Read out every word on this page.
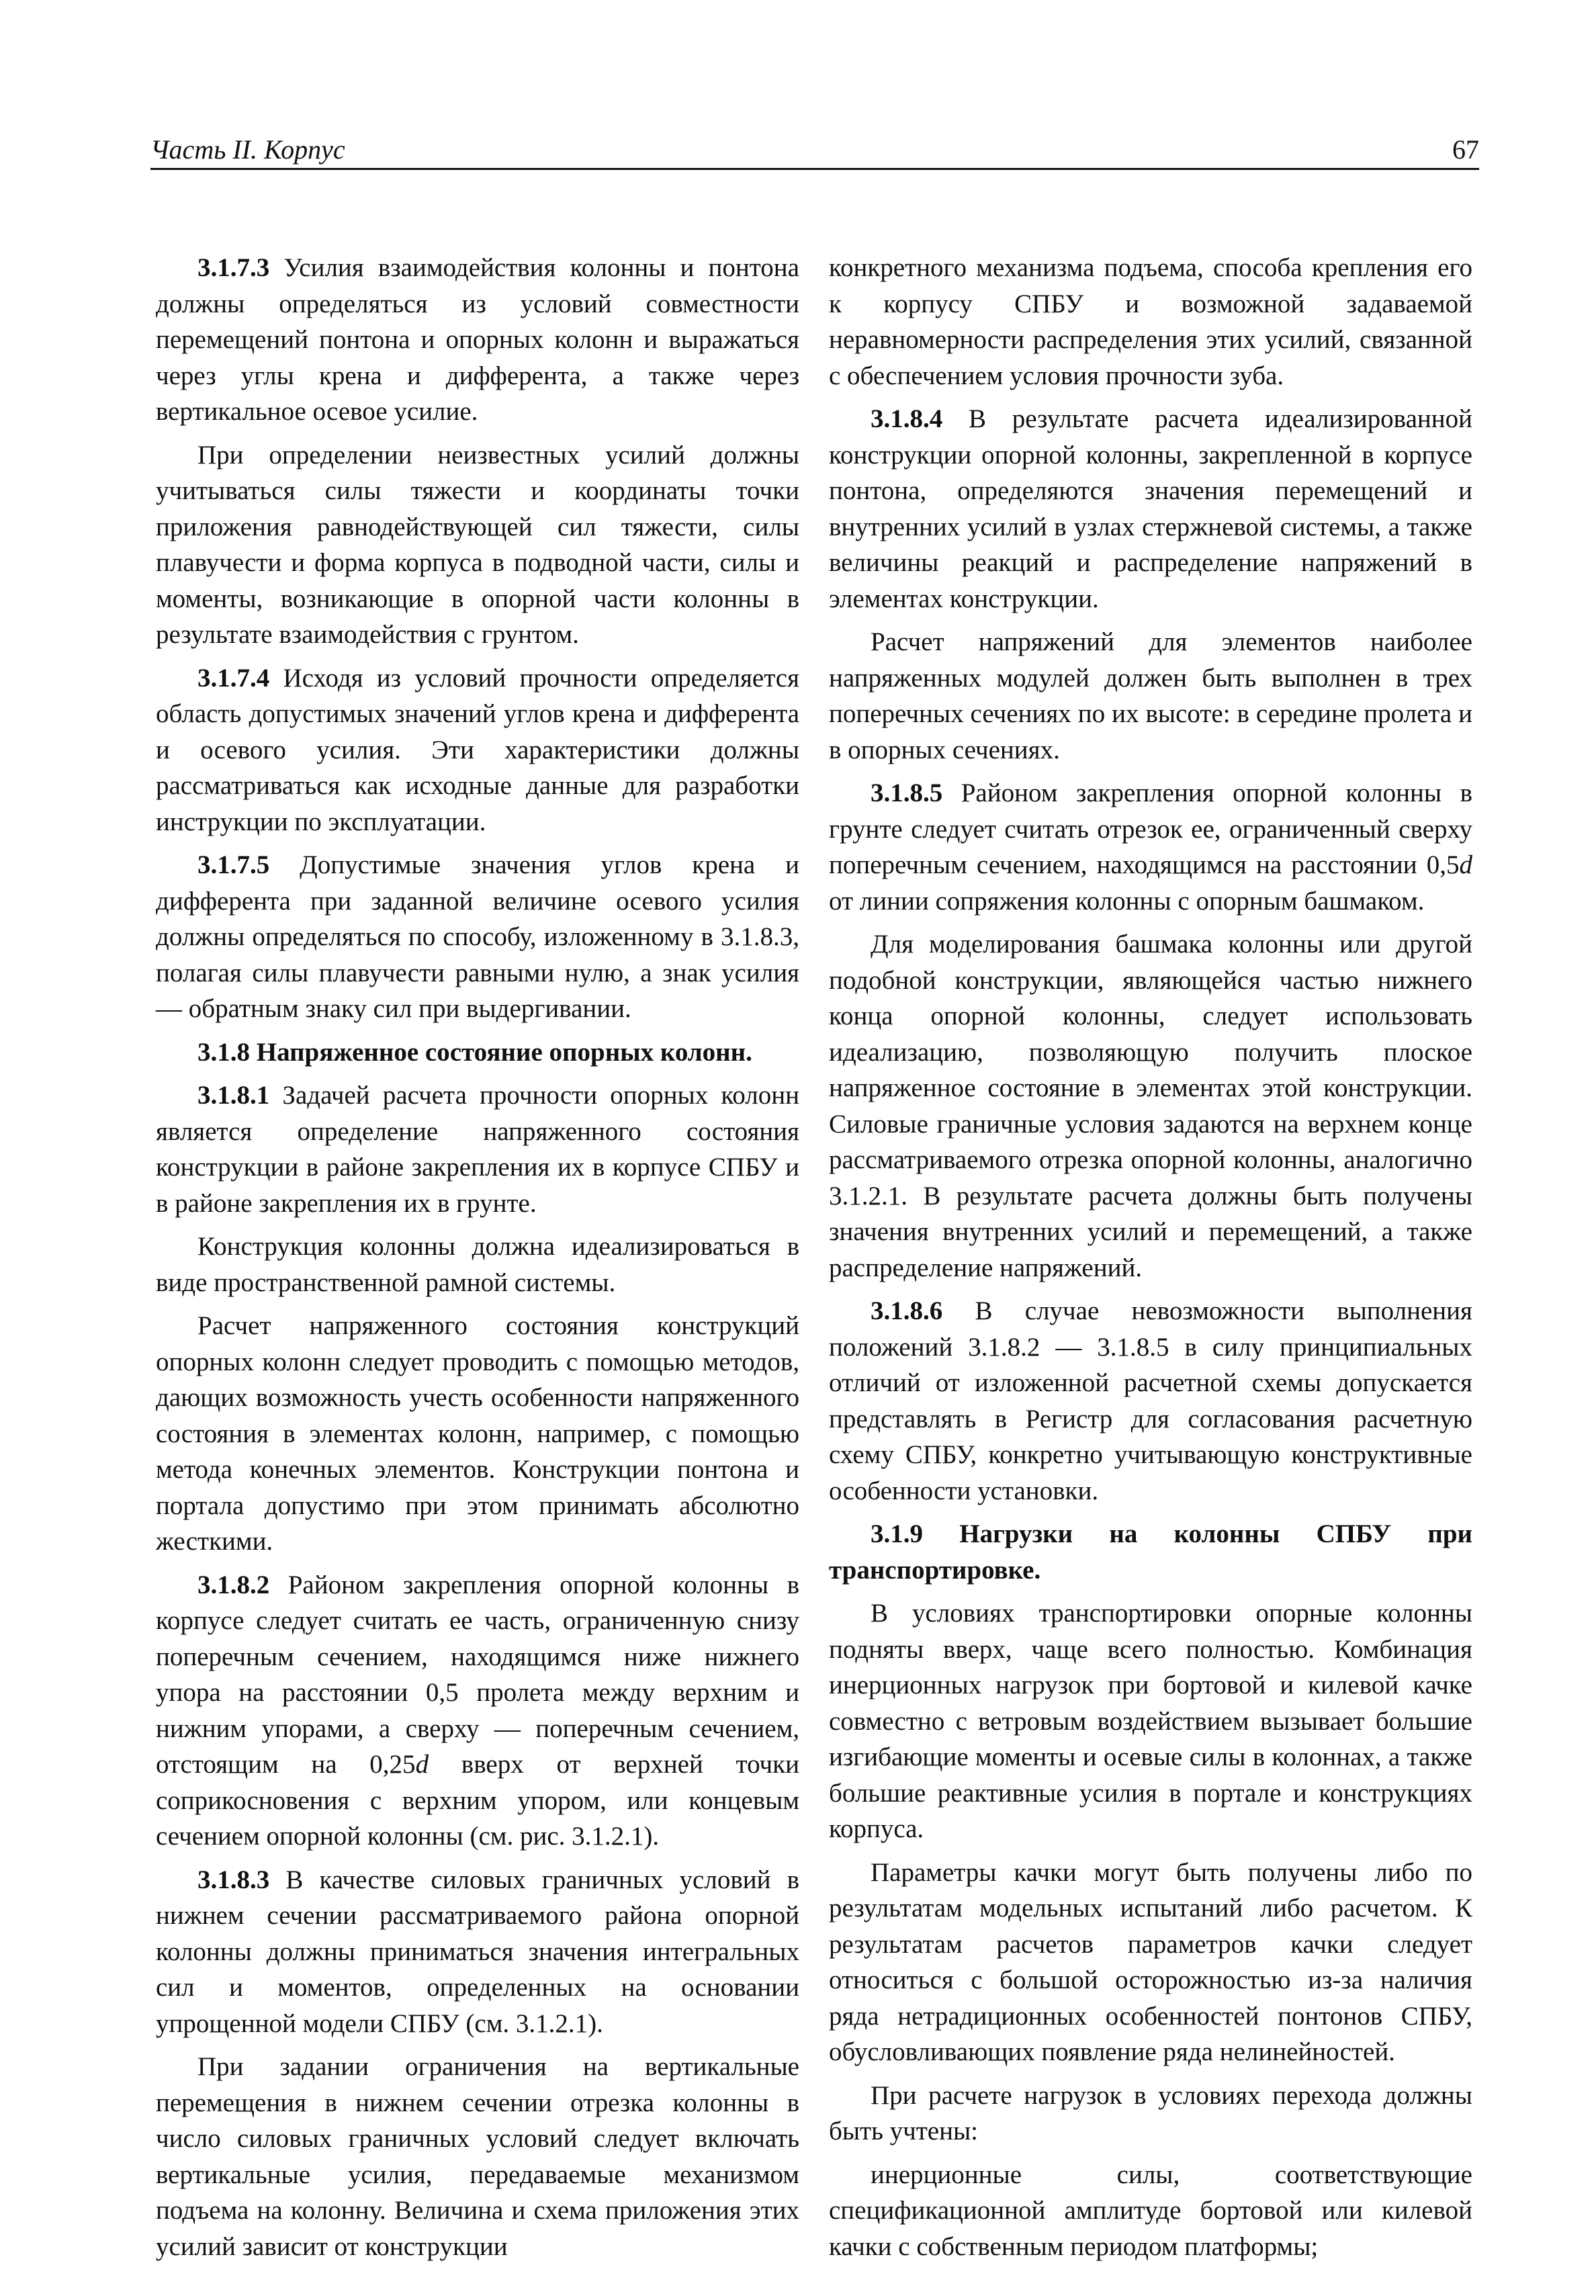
Часть II. Корпус	67

3.1.7.3 Усилия взаимодействия колонны и понтона должны определяться из условий совместности перемещений понтона и опорных колонн и выражаться через углы крена и дифферента, а также через вертикальное осевое усилие.

При определении неизвестных усилий должны учитываться силы тяжести и координаты точки приложения равнодействующей сил тяжести, силы плавучести и форма корпуса в подводной части, силы и моменты, возникающие в опорной части колонны в результате взаимодействия с грунтом.

3.1.7.4 Исходя из условий прочности определяется область допустимых значений углов крена и дифферента и осевого усилия. Эти характеристики должны рассматриваться как исходные данные для разработки инструкции по эксплуатации.

3.1.7.5 Допустимые значения углов крена и дифферента при заданной величине осевого усилия должны определяться по способу, изложенному в 3.1.8.3, полагая силы плавучести равными нулю, а знак усилия — обратным знаку сил при выдергивании.

3.1.8 Напряженное состояние опорных колонн.

3.1.8.1 Задачей расчета прочности опорных колонн является определение напряженного состояния конструкции в районе закрепления их в корпусе СПБУ и в районе закрепления их в грунте.

Конструкция колонны должна идеализироваться в виде пространственной рамной системы.

Расчет напряженного состояния конструкций опорных колонн следует проводить с помощью методов, дающих возможность учесть особенности напряженного состояния в элементах колонн, например, с помощью метода конечных элементов. Конструкции понтона и портала допустимо при этом принимать абсолютно жесткими.

3.1.8.2 Районом закрепления опорной колонны в корпусе следует считать ее часть, ограниченную снизу поперечным сечением, находящимся ниже нижнего упора на расстоянии 0,5 пролета между верхним и нижним упорами, а сверху — поперечным сечением, отстоящим на 0,25d вверх от верхней точки соприкосновения с верхним упором, или концевым сечением опорной колонны (см. рис. 3.1.2.1).

3.1.8.3 В качестве силовых граничных условий в нижнем сечении рассматриваемого района опорной колонны должны приниматься значения интегральных сил и моментов, определенных на основании упрощенной модели СПБУ (см. 3.1.2.1).

При задании ограничения на вертикальные перемещения в нижнем сечении отрезка колонны в число силовых граничных условий следует включать вертикальные усилия, передаваемые механизмом подъема на колонну. Величина и схема приложения этих усилий зависит от конструкции

конкретного механизма подъема, способа крепления его к корпусу СПБУ и возможной задаваемой неравномерности распределения этих усилий, связанной с обеспечением условия прочности зуба.

3.1.8.4 В результате расчета идеализированной конструкции опорной колонны, закрепленной в корпусе понтона, определяются значения перемещений и внутренних усилий в узлах стержневой системы, а также величины реакций и распределение напряжений в элементах конструкции.

Расчет напряжений для элементов наиболее напряженных модулей должен быть выполнен в трех поперечных сечениях по их высоте: в середине пролета и в опорных сечениях.

3.1.8.5 Районом закрепления опорной колонны в грунте следует считать отрезок ее, ограниченный сверху поперечным сечением, находящимся на расстоянии 0,5d от линии сопряжения колонны с опорным башмаком.

Для моделирования башмака колонны или другой подобной конструкции, являющейся частью нижнего конца опорной колонны, следует использовать идеализацию, позволяющую получить плоское напряженное состояние в элементах этой конструкции. Силовые граничные условия задаются на верхнем конце рассматриваемого отрезка опорной колонны, аналогично 3.1.2.1. В результате расчета должны быть получены значения внутренних усилий и перемещений, а также распределение напряжений.

3.1.8.6 В случае невозможности выполнения положений 3.1.8.2 — 3.1.8.5 в силу принципиальных отличий от изложенной расчетной схемы допускается представлять в Регистр для согласования расчетную схему СПБУ, конкретно учитывающую конструктивные особенности установки.

3.1.9 Нагрузки на колонны СПБУ при транспортировке.

В условиях транспортировки опорные колонны подняты вверх, чаще всего полностью. Комбинация инерционных нагрузок при бортовой и килевой качке совместно с ветровым воздействием вызывает большие изгибающие моменты и осевые силы в колоннах, а также большие реактивные усилия в портале и конструкциях корпуса.

Параметры качки могут быть получены либо по результатам модельных испытаний либо расчетом. К результатам расчетов параметров качки следует относиться с большой осторожностью из-за наличия ряда нетрадиционных особенностей понтонов СПБУ, обусловливающих появление ряда нелинейностей.

При расчете нагрузок в условиях перехода должны быть учтены:

инерционные силы, соответствующие спецификационной амплитуде бортовой или килевой качки с собственным периодом платформы;
